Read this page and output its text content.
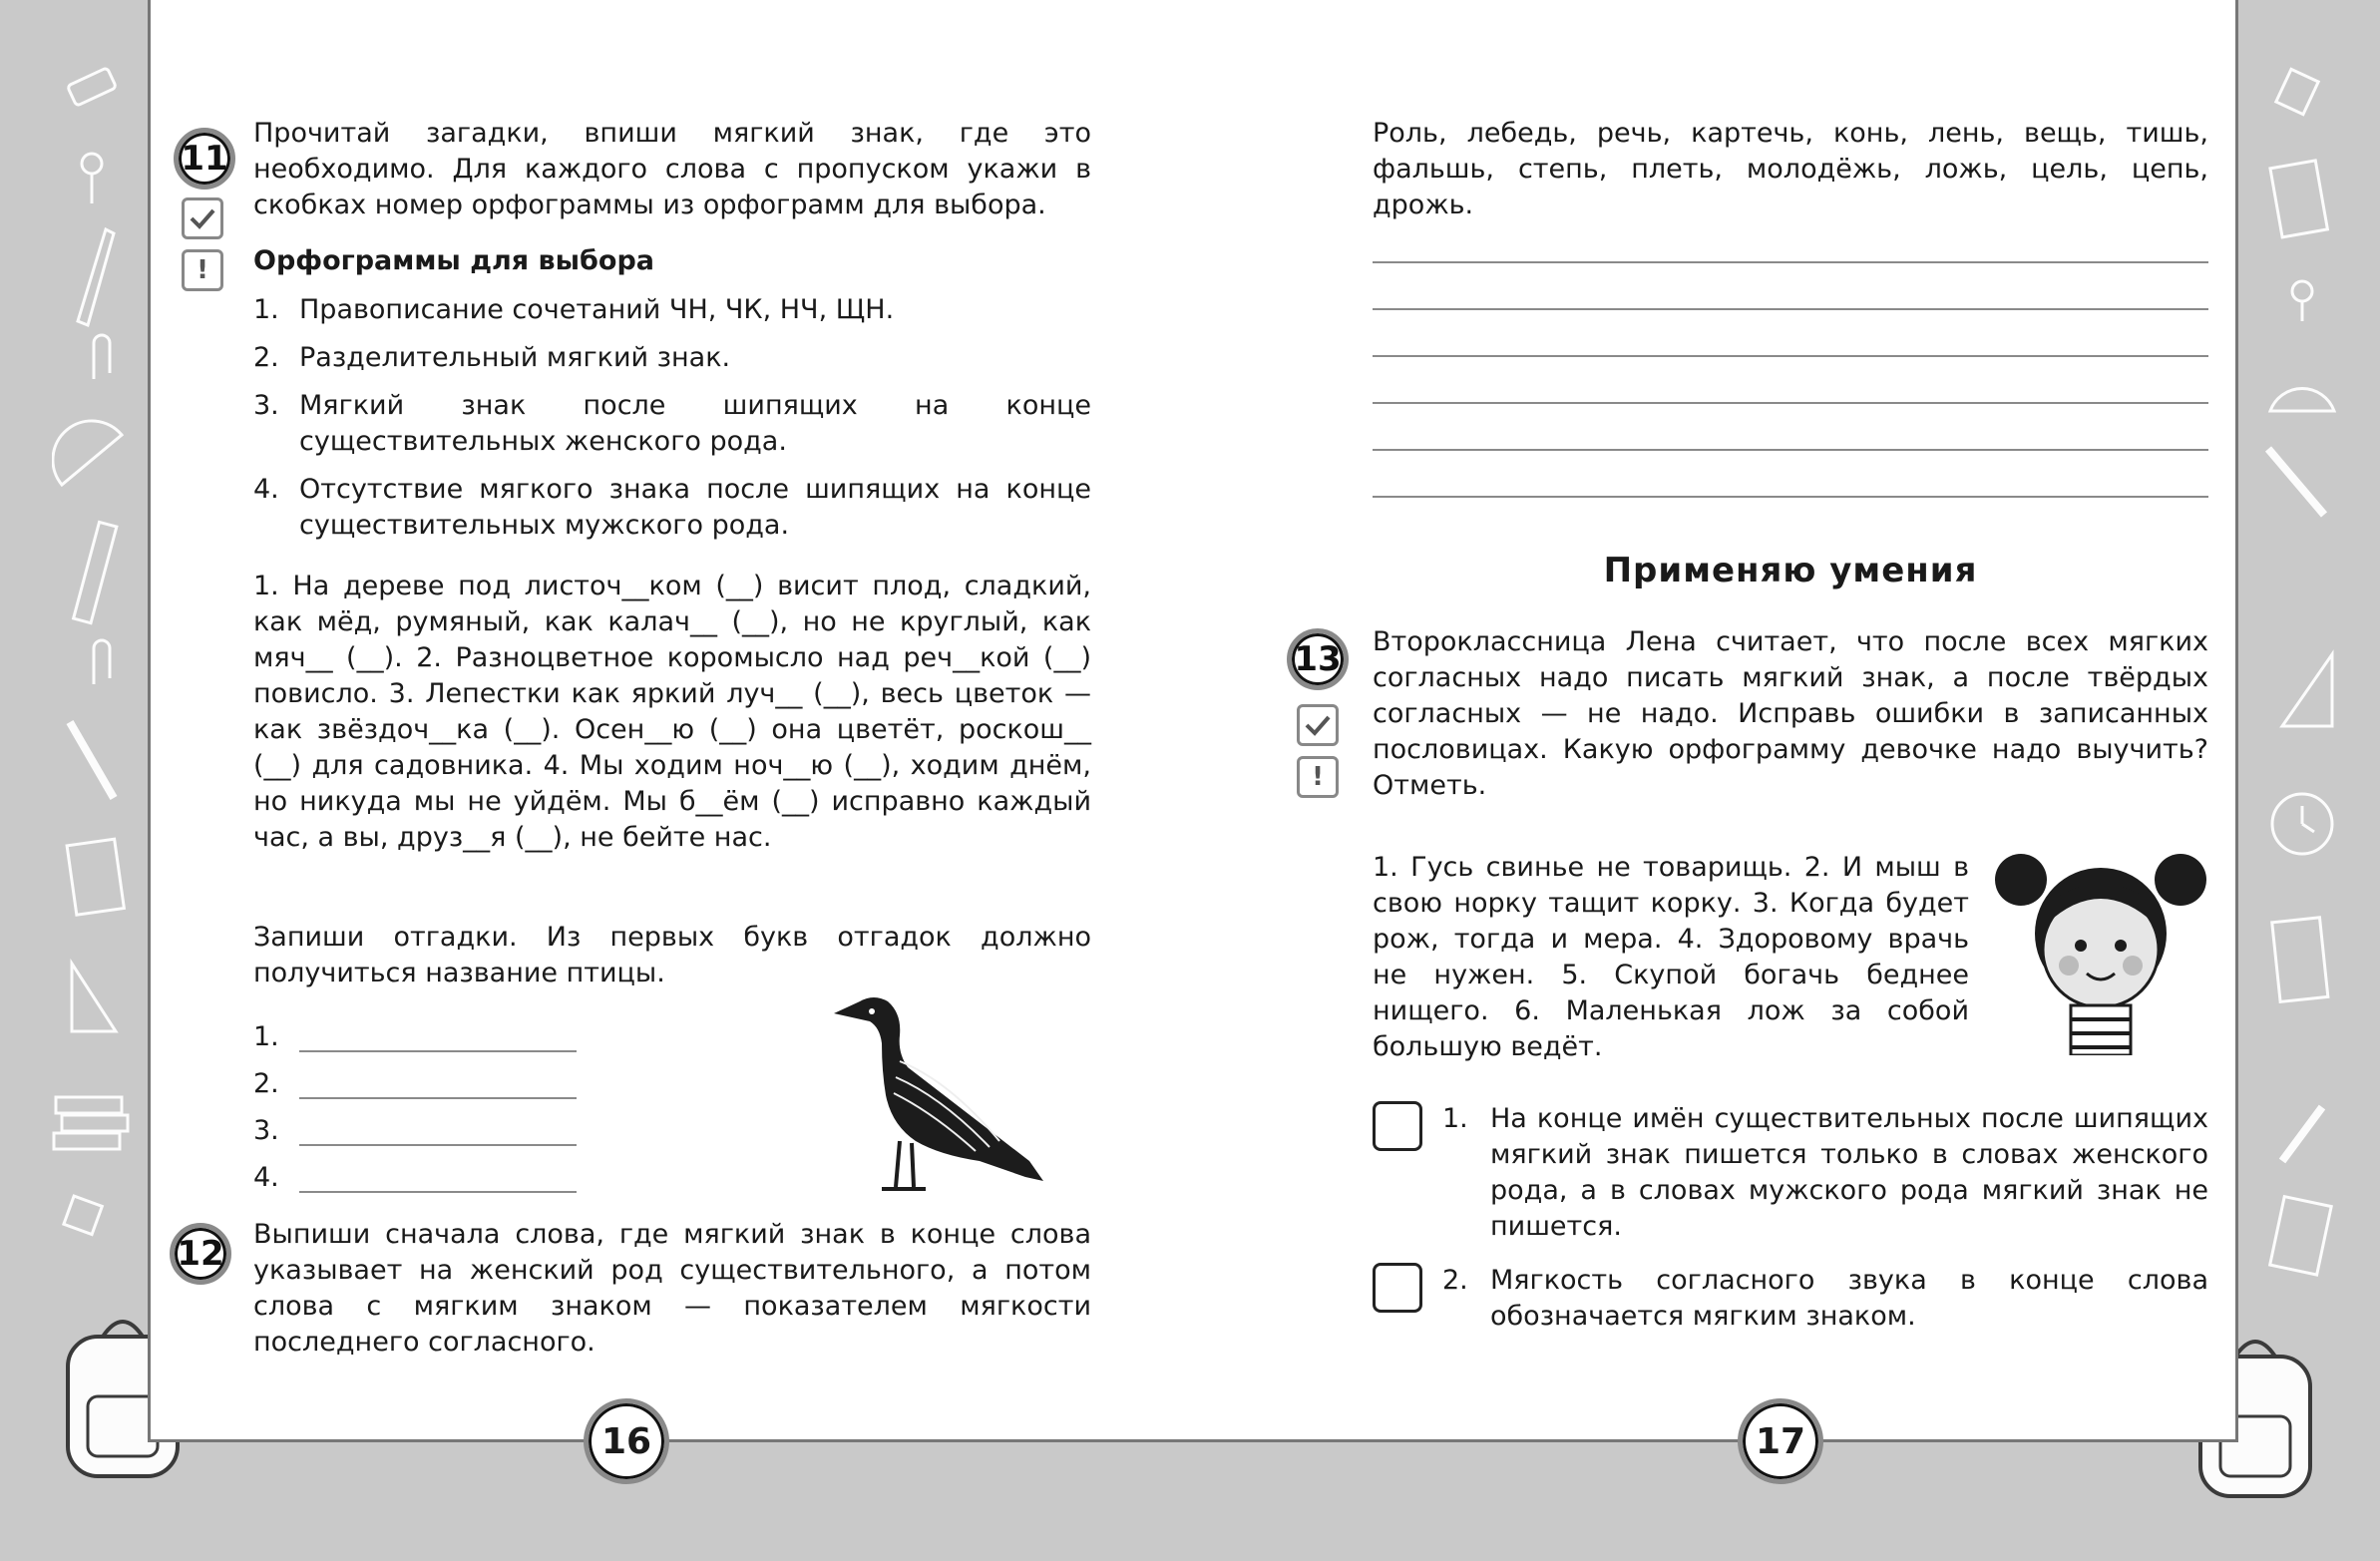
11
!

Прочитай загадки, впиши мягкий знак, где это необходимо. Для каждого слова с пропуском укажи в скобках номер орфограммы из орфограмм для выбора.

Орфограммы для выбора
1. Правописание сочетаний ЧН, ЧК, НЧ, ЩН.
2. Разделительный мягкий знак.
3. Мягкий знак после шипящих на конце существительных женского рода.
4. Отсутствие мягкого знака после шипящих на конце существительных мужского рода.

1. На дереве под листоч__ком (__) висит плод, сладкий, как мёд, румяный, как калач__ (__), но не круглый, как мяч__ (__). 2. Разноцветное коромысло над реч__кой (__) повисло. 3. Лепестки как яркий луч__ (__), весь цветок — как звёздоч__ка (__). Осен__ю (__) она цветёт, роскош__ (__) для садовника. 4. Мы ходим ноч__ю (__), ходим днём, но никуда мы не уйдём. Мы б__ём (__) исправно каждый час, а вы, друз__я (__), не бейте нас.

Запиши отгадки. Из первых букв отгадок должно получиться название птицы.

1.
2.
3.
4.

Выпиши сначала слова, где мягкий знак в конце слова указывает на женский род существительного, а потом слова с мягким знаком — показателем мягкости последнего согласного.

12
16

Роль, лебедь, речь, картечь, конь, лень, вещь, тишь, фальшь, степь, плеть, молодёжь, ложь, цель, цепь, дрожь.

Применяю умения

Второклассница Лена считает, что после всех мягких согласных надо писать мягкий знак, а после твёрдых согласных — не надо. Исправь ошибки в записанных пословицах. Какую орфограмму девочке надо выучить? Отметь.

1. Гусь свинье не товарищь. 2. И мыш в свою норку тащит корку. 3. Когда будет рож, тогда и мера. 4. Здоровому врачь не нужен. 5. Скупой богачь беднее нищего. 6. Маленькая лож за собой большую ведёт.

1. На конце имён существительных после шипящих мягкий знак пишется только в словах женского рода, а в словах мужского рода мягкий знак не пишется.
2. Мягкость согласного звука в конце слова обозначается мягким знаком.
13
!
17
